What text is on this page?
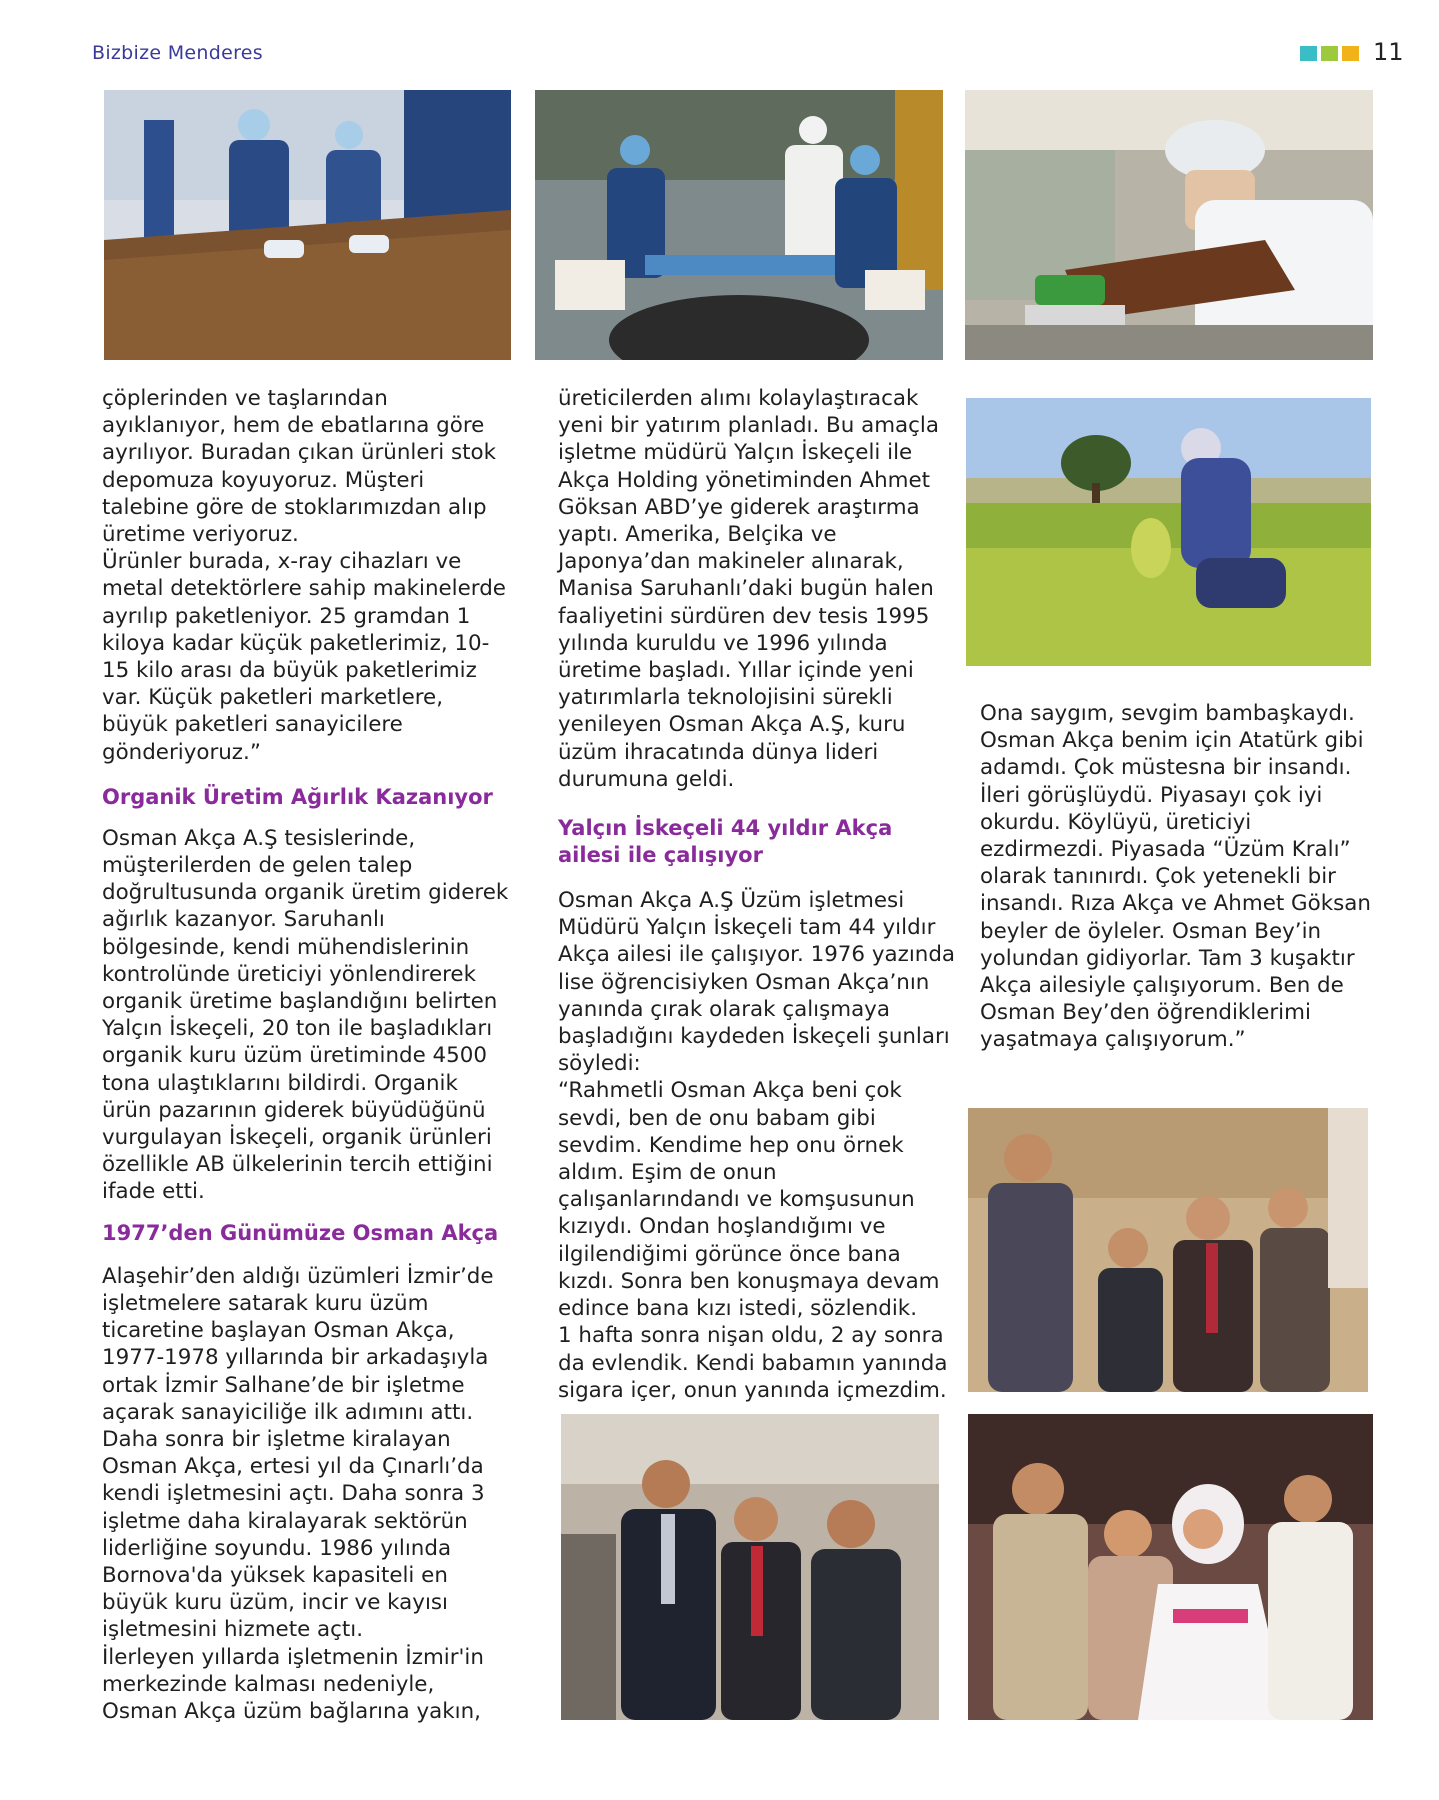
Bizbize Menderes	11

çöplerinden ve taşlarından ayıklanıyor, hem de ebatlarına göre ayrılıyor. Buradan çıkan ürünleri stok depomuza koyuyoruz. Müşteri talebine göre de stoklarımızdan alıp üretime veriyoruz.

Ürünler burada, x-ray cihazları ve metal detektörlere sahip makinelerde ayrılıp paketleniyor. 25 gramdan 1 kiloya kadar küçük paketlerimiz, 10-15 kilo arası da büyük paketlerimiz var. Küçük paketleri marketlere, büyük paketleri sanayicilere gönderiyoruz.”

Organik Üretim Ağırlık Kazanıyor

Osman Akça A.Ş tesislerinde, müşterilerden de gelen talep doğrultusunda organik üretim giderek ağırlık kazanyor. Saruhanlı bölgesinde, kendi mühendislerinin kontrolünde üreticiyi yönlendirerek organik üretime başlandığını belirten Yalçın İskeçeli, 20 ton ile başladıkları organik kuru üzüm üretiminde 4500 tona ulaştıklarını bildirdi. Organik ürün pazarının giderek büyüdüğünü vurgulayan İskeçeli, organik ürünleri özellikle AB ülkelerinin tercih ettiğini ifade etti.

1977’den Günümüze Osman Akça

Alaşehir’den aldığı üzümleri İzmir’de işletmelere satarak kuru üzüm ticaretine başlayan Osman Akça, 1977-1978 yıllarında bir arkadaşıyla ortak İzmir Salhane’de bir işletme açarak sanayiciliğe ilk adımını attı. Daha sonra bir işletme kiralayan Osman Akça, ertesi yıl da Çınarlı’da kendi işletmesini açtı. Daha sonra 3 işletme daha kiralayarak sektörün liderliğine soyundu. 1986 yılında Bornova'da yüksek kapasiteli en büyük kuru üzüm, incir ve kayısı işletmesini hizmete açtı.

İlerleyen yıllarda işletmenin İzmir'in merkezinde kalması nedeniyle, Osman Akça üzüm bağlarına yakın,

üreticilerden alımı kolaylaştıracak yeni bir yatırım planladı. Bu amaçla işletme müdürü Yalçın İskeçeli ile Akça Holding yönetiminden Ahmet Göksan ABD’ye giderek araştırma yaptı. Amerika, Belçika ve Japonya’dan makineler alınarak, Manisa Saruhanlı’daki bugün halen faaliyetini sürdüren dev tesis 1995 yılında kuruldu ve 1996 yılında üretime başladı. Yıllar içinde yeni yatırımlarla teknolojisini sürekli yenileyen Osman Akça A.Ş, kuru üzüm ihracatında dünya lideri durumuna geldi.

Yalçın İskeçeli 44 yıldır Akça ailesi ile çalışıyor

Osman Akça A.Ş Üzüm işletmesi Müdürü Yalçın İskeçeli tam 44 yıldır Akça ailesi ile çalışıyor. 1976 yazında lise öğrencisiyken Osman Akça’nın yanında çırak olarak çalışmaya başladığını kaydeden İskeçeli şunları söyledi:

“Rahmetli Osman Akça beni çok sevdi, ben de onu babam gibi sevdim. Kendime hep onu örnek aldım. Eşim de onun çalışanlarındandı ve komşusunun kızıydı. Ondan hoşlandığımı ve ilgilendiğimi görünce önce bana kızdı. Sonra ben konuşmaya devam edince bana kızı istedi, sözlendik.

1 hafta sonra nişan oldu, 2 ay sonra da evlendik. Kendi babamın yanında sigara içer, onun yanında içmezdim.

Ona saygım, sevgim bambaşkaydı. Osman Akça benim için Atatürk gibi adamdı. Çok müstesna bir insandı. İleri görüşlüydü. Piyasayı çok iyi okurdu. Köylüyü, üreticiyi ezdirmezdi. Piyasada “Üzüm Kralı” olarak tanınırdı. Çok yetenekli bir insandı. Rıza Akça ve Ahmet Göksan beyler de öyleler. Osman Bey’in yolundan gidiyorlar. Tam 3 kuşaktır Akça ailesiyle çalışıyorum. Ben de Osman Bey’den öğrendiklerimi yaşatmaya çalışıyorum.”
